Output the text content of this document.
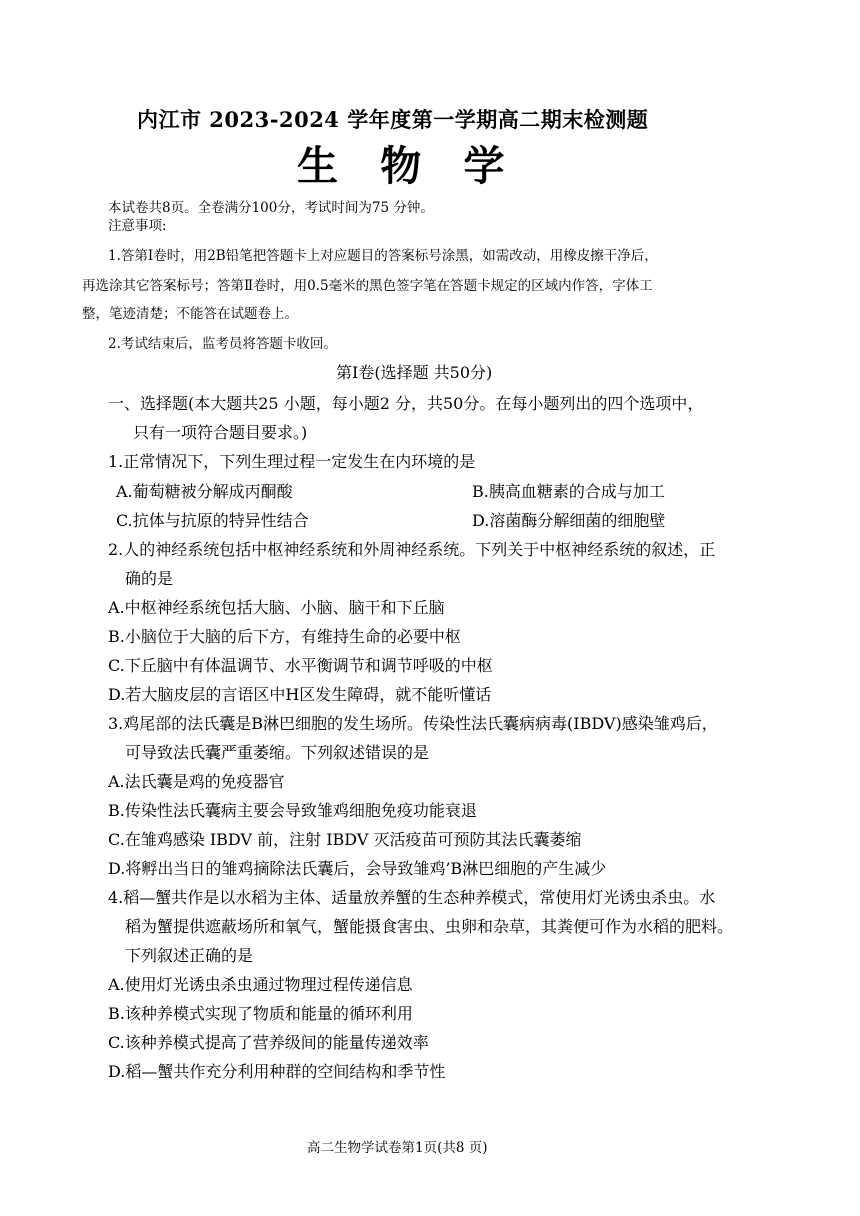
内江市 2023-2024 学年度第一学期高二期末检测题
生 物 学
本试卷共8页。全卷满分100分，考试时间为75 分钟。
注意事项:
1.答第Ⅰ卷时，用2B铅笔把答题卡上对应题目的答案标号涂黑，如需改动，用橡皮擦干净后，
再选涂其它答案标号；答第Ⅱ卷时，用0.5毫米的黑色签字笔在答题卡规定的区域内作答，字体工
整，笔迹清楚；不能答在试题卷上。
2.考试结束后，监考员将答题卡收回。
第Ⅰ卷(选择题 共50分)
一、选择题(本大题共25 小题，每小题2 分，共50分。在每小题列出的四个选项中，
只有一项符合题目要求。)
1.正常情况下，下列生理过程一定发生在内环境的是
A.葡萄糖被分解成丙酮酸	B.胰高血糖素的合成与加工
C.抗体与抗原的特异性结合	D.溶菌酶分解细菌的细胞壁
2.人的神经系统包括中枢神经系统和外周神经系统。下列关于中枢神经系统的叙述，正
确的是
A.中枢神经系统包括大脑、小脑、脑干和下丘脑
B.小脑位于大脑的后下方，有维持生命的必要中枢
C.下丘脑中有体温调节、水平衡调节和调节呼吸的中枢
D.若大脑皮层的言语区中H区发生障碍，就不能听懂话
3.鸡尾部的法氏囊是B淋巴细胞的发生场所。传染性法氏囊病病毒(IBDV)感染雏鸡后，
可导致法氏囊严重萎缩。下列叙述错误的是
A.法氏囊是鸡的免疫器官
B.传染性法氏囊病主要会导致雏鸡细胞免疫功能衰退
C.在雏鸡感染 IBDV 前，注射 IBDV 灭活疫苗可预防其法氏囊萎缩
D.将孵出当日的雏鸡摘除法氏囊后，会导致雏鸡’B淋巴细胞的产生减少
4.稻—蟹共作是以水稻为主体、适量放养蟹的生态种养模式，常使用灯光诱虫杀虫。水
稻为蟹提供遮蔽场所和氧气，蟹能摄食害虫、虫卵和杂草，其粪便可作为水稻的肥料。
下列叙述正确的是
A.使用灯光诱虫杀虫通过物理过程传递信息
B.该种养模式实现了物质和能量的循环利用
C.该种养模式提高了营养级间的能量传递效率
D.稻—蟹共作充分利用种群的空间结构和季节性
高二生物学试卷第1页(共8 页)
